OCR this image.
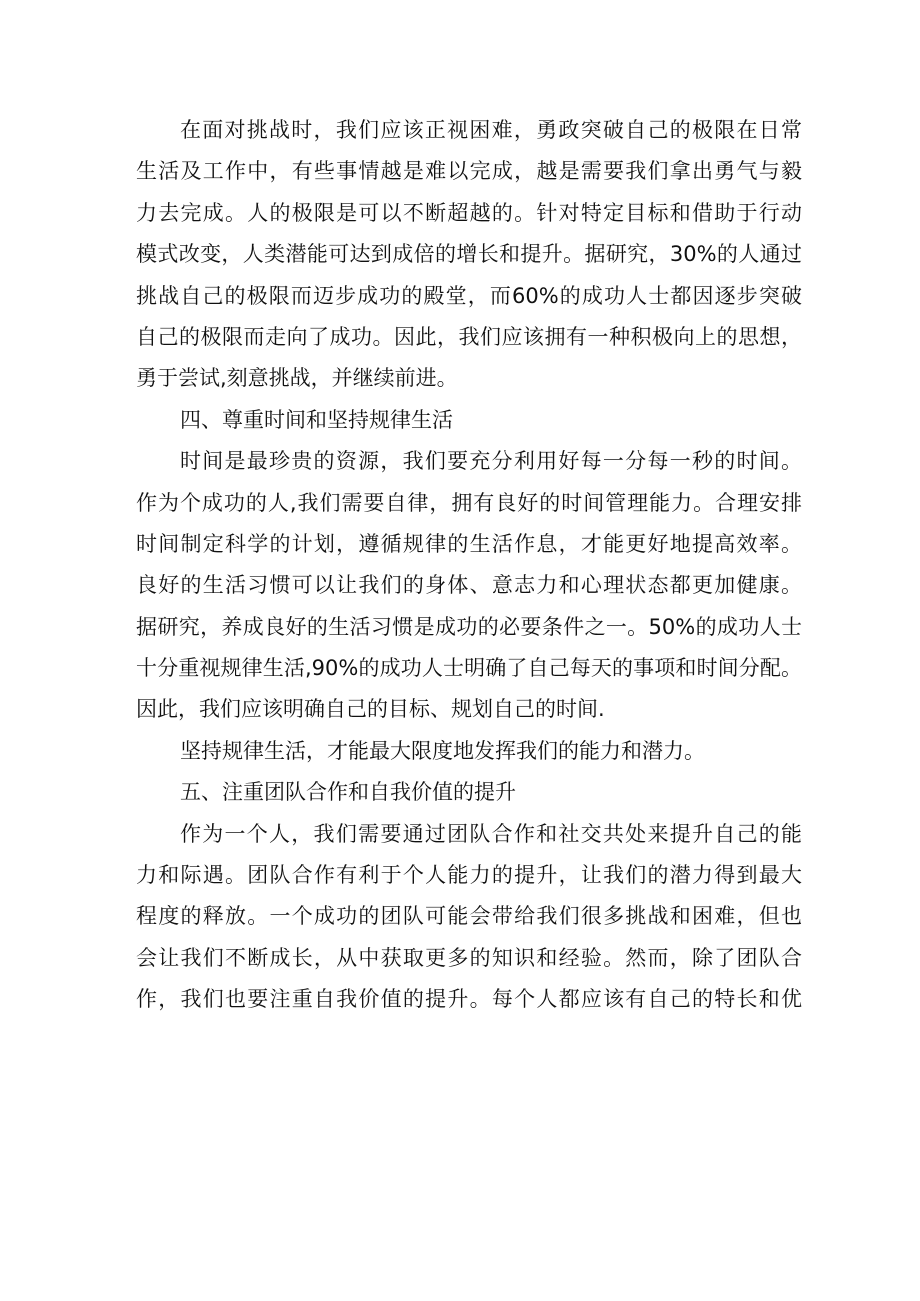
在面对挑战时，我们应该正视困难，勇政突破自己的极限在日常
生活及工作中，有些事情越是难以完成，越是需要我们拿出勇气与毅
力去完成。人的极限是可以不断超越的。针对特定目标和借助于行动
模式改变，人类潜能可达到成倍的增长和提升。据研究，30%的人通过
挑战自己的极限而迈步成功的殿堂，而60%的成功人士都因逐步突破
自己的极限而走向了成功。因此，我们应该拥有一种积极向上的思想，
勇于尝试,刻意挑战，并继续前进。
四、尊重时间和坚持规律生活
时间是最珍贵的资源，我们要充分利用好每一分每一秒的时间。
作为个成功的人,我们需要自律，拥有良好的时间管理能力。合理安排
时间制定科学的计划，遵循规律的生活作息，才能更好地提高效率。
良好的生活习惯可以让我们的身体、意志力和心理状态都更加健康。
据研究，养成良好的生活习惯是成功的必要条件之一。50%的成功人士
十分重视规律生活,90%的成功人士明确了自己每天的事项和时间分配。
因此，我们应该明确自己的目标、规划自己的时间.
坚持规律生活，才能最大限度地发挥我们的能力和潜力。
五、注重团队合作和自我价值的提升
作为一个人，我们需要通过团队合作和社交共处来提升自己的能
力和际遇。团队合作有利于个人能力的提升，让我们的潜力得到最大
程度的释放。一个成功的团队可能会带给我们很多挑战和困难，但也
会让我们不断成长，从中获取更多的知识和经验。然而，除了团队合
作，我们也要注重自我价值的提升。每个人都应该有自己的特长和优
